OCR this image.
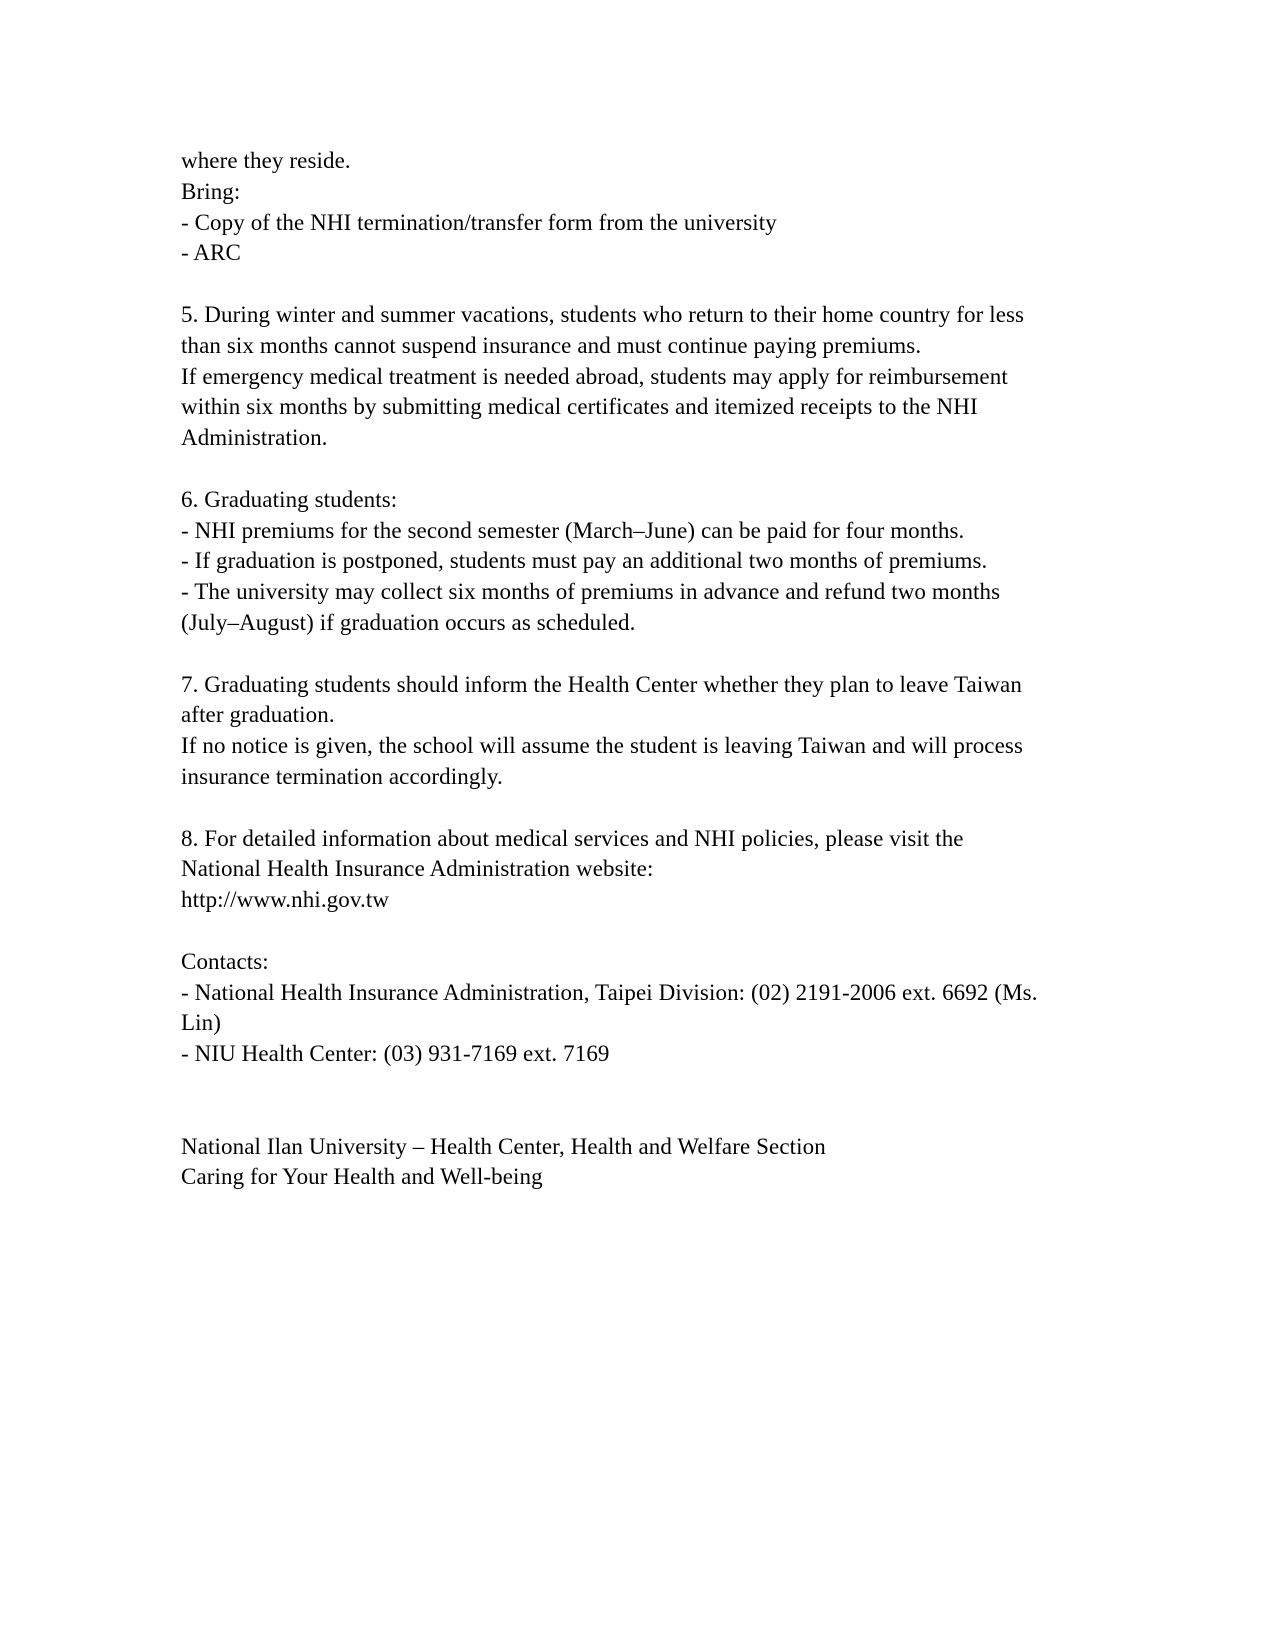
where they reside.
Bring:
- Copy of the NHI termination/transfer form from the university
- ARC
5. During winter and summer vacations, students who return to their home country for less
than six months cannot suspend insurance and must continue paying premiums.
If emergency medical treatment is needed abroad, students may apply for reimbursement
within six months by submitting medical certificates and itemized receipts to the NHI
Administration.
6. Graduating students:
- NHI premiums for the second semester (March–June) can be paid for four months.
- If graduation is postponed, students must pay an additional two months of premiums.
- The university may collect six months of premiums in advance and refund two months
(July–August) if graduation occurs as scheduled.
7. Graduating students should inform the Health Center whether they plan to leave Taiwan
after graduation.
If no notice is given, the school will assume the student is leaving Taiwan and will process
insurance termination accordingly.
8. For detailed information about medical services and NHI policies, please visit the
National Health Insurance Administration website:
http://www.nhi.gov.tw
Contacts:
- National Health Insurance Administration, Taipei Division: (02) 2191-2006 ext. 6692 (Ms.
Lin)
- NIU Health Center: (03) 931-7169 ext. 7169
National Ilan University – Health Center, Health and Welfare Section
Caring for Your Health and Well-being
